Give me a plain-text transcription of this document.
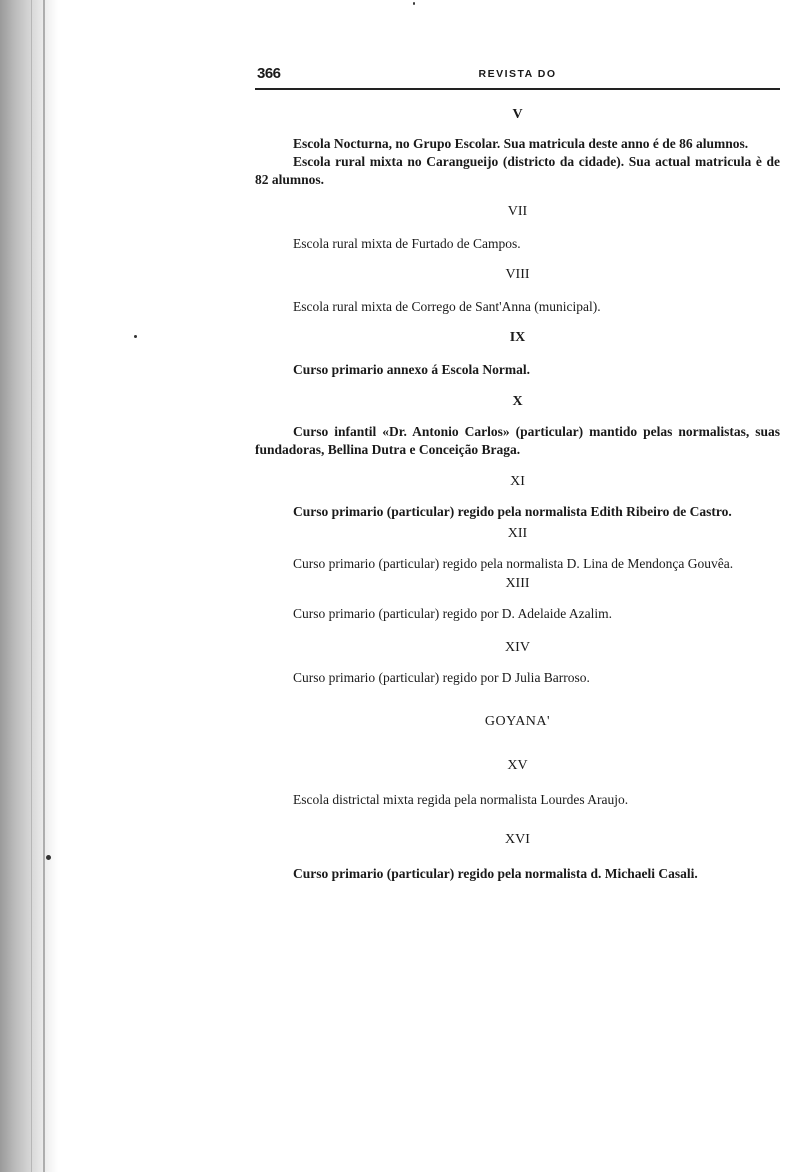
366	REVISTA DO
V

Escola Nocturna, no Grupo Escolar. Sua matricula deste anno é de 86 alumnos.

Escola rural mixta no Carangueijo (districto da cidade). Sua actual matricula è de 82 alumnos.

VII

Escola rural mixta de Furtado de Campos.

VIII

Escola rural mixta de Corrego de Sant'Anna (municipal).

IX

Curso primario annexo á Escola Normal.

X

Curso infantil «Dr. Antonio Carlos» (particular) mantido pelas normalistas, suas fundadoras, Bellina Dutra e Conceição Braga.

XI

Curso primario (particular) regido pela normalista Edith Ribeiro de Castro.

XII

Curso primario (particular) regido pela normalista D. Lina de Mendonça Gouvêa.

XIII

Curso primario (particular) regido por D. Adelaide Azalim.

XIV

Curso primario (particular) regido por D Julia Barroso.

GOYANA'
XV

Escola districtal mixta regida pela normalista Lourdes Araujo.

XVI

Curso primario (particular) regido pela normalista d. Michaeli Casali.
